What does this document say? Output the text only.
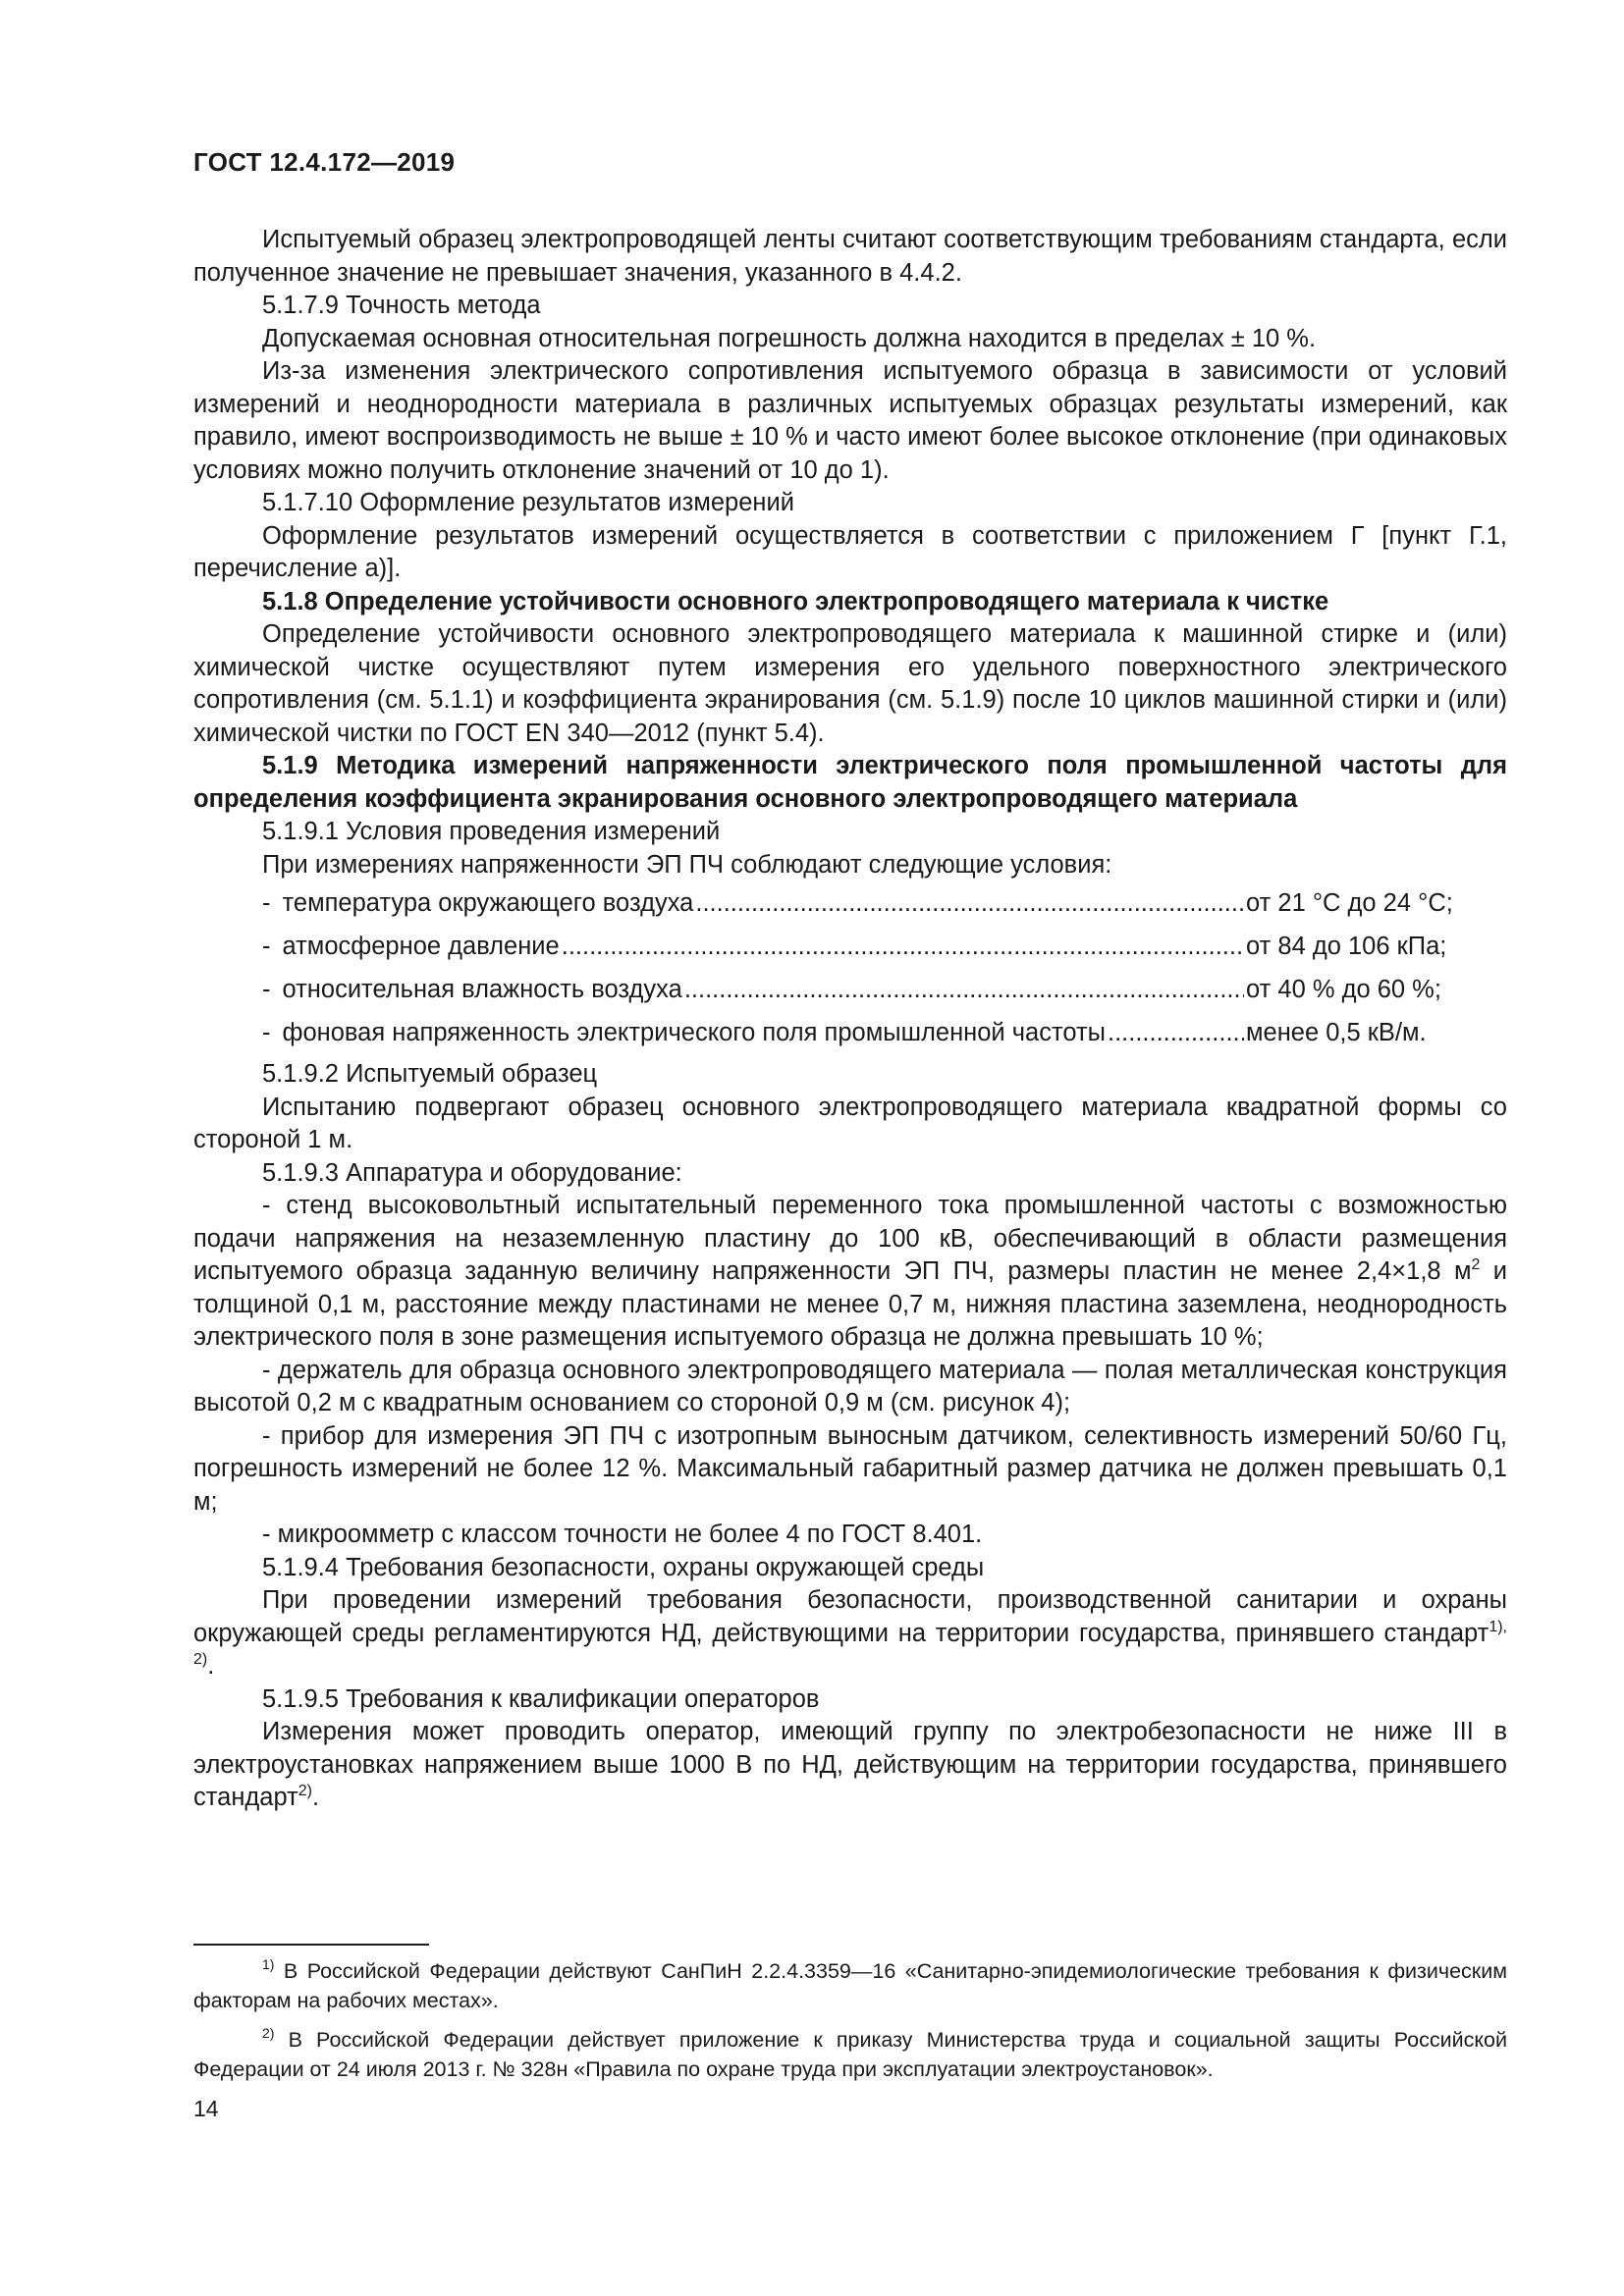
ГОСТ 12.4.172—2019

Испытуемый образец электропроводящей ленты считают соответствующим требованиям стандарта, если полученное значение не превышает значения, указанного в 4.4.2.

5.1.7.9 Точность метода

Допускаемая основная относительная погрешность должна находится в пределах ± 10 %.

Из-за изменения электрического сопротивления испытуемого образца в зависимости от условий измерений и неоднородности материала в различных испытуемых образцах результаты измерений, как правило, имеют воспроизводимость не выше ± 10 % и часто имеют более высокое отклонение (при одинаковых условиях можно получить отклонение значений от 10 до 1).

5.1.7.10 Оформление результатов измерений

Оформление результатов измерений осуществляется в соответствии с приложением Г [пункт Г.1, перечисление а)].

5.1.8 Определение устойчивости основного электропроводящего материала к чистке

Определение устойчивости основного электропроводящего материала к машинной стирке и (или) химической чистке осуществляют путем измерения его удельного поверхностного электрического сопротивления (см. 5.1.1) и коэффициента экранирования (см. 5.1.9) после 10 циклов машинной стирки и (или) химической чистки по ГОСТ EN 340—2012 (пункт 5.4).

5.1.9 Методика измерений напряженности электрического поля промышленной частоты для определения коэффициента экранирования основного электропроводящего материала

5.1.9.1 Условия проведения измерений

При измерениях напряженности ЭП ПЧ соблюдают следующие условия:

- температура окружающего воздуха .....	от 21 °С до 24 °С;
- атмосферное давление .....	от 84 до 106 кПа;
- относительная влажность воздуха .....	от 40 % до 60 %;
- фоновая напряженность электрического поля промышленной частоты .....	менее 0,5 кВ/м.

5.1.9.2 Испытуемый образец

Испытанию подвергают образец основного электропроводящего материала квадратной формы со стороной 1 м.

5.1.9.3 Аппаратура и оборудование:

- стенд высоковольтный испытательный переменного тока промышленной частоты с возможностью подачи напряжения на незаземленную пластину до 100 кВ, обеспечивающий в области размещения испытуемого образца заданную величину напряженности ЭП ПЧ, размеры пластин не менее 2,4×1,8 $м^2$ и толщиной 0,1 м, расстояние между пластинами не менее 0,7 м, нижняя пластина заземлена, неоднородность электрического поля в зоне размещения испытуемого образца не должна превышать 10 %;

- держатель для образца основного электропроводящего материала — полая металлическая конструкция высотой 0,2 м с квадратным основанием со стороной 0,9 м (см. рисунок 4);

- прибор для измерения ЭП ПЧ с изотропным выносным датчиком, селективность измерений 50/60 Гц, погрешность измерений не более 12 %. Максимальный габаритный размер датчика не должен превышать 0,1 м;

- микроомметр с классом точности не более 4 по ГОСТ 8.401.

5.1.9.4 Требования безопасности, охраны окружающей среды

При проведении измерений требования безопасности, производственной санитарии и охраны окружающей среды регламентируются НД, действующими на территории государства, принявшего стандарт$^{1), 2)}$.

5.1.9.5 Требования к квалификации операторов

Измерения может проводить оператор, имеющий группу по электробезопасности не ниже III в электроустановках напряжением выше 1000 В по НД, действующим на территории государства, принявшего стандарт$^{2)}$.

$^{1)}$ В Российской Федерации действуют СанПиН 2.2.4.3359—16 «Санитарно-эпидемиологические требования к физическим факторам на рабочих местах».

$^{2)}$ В Российской Федерации действует приложение к приказу Министерства труда и социальной защиты Российской Федерации от 24 июля 2013 г. № 328н «Правила по охране труда при эксплуатации электроустановок».

14
